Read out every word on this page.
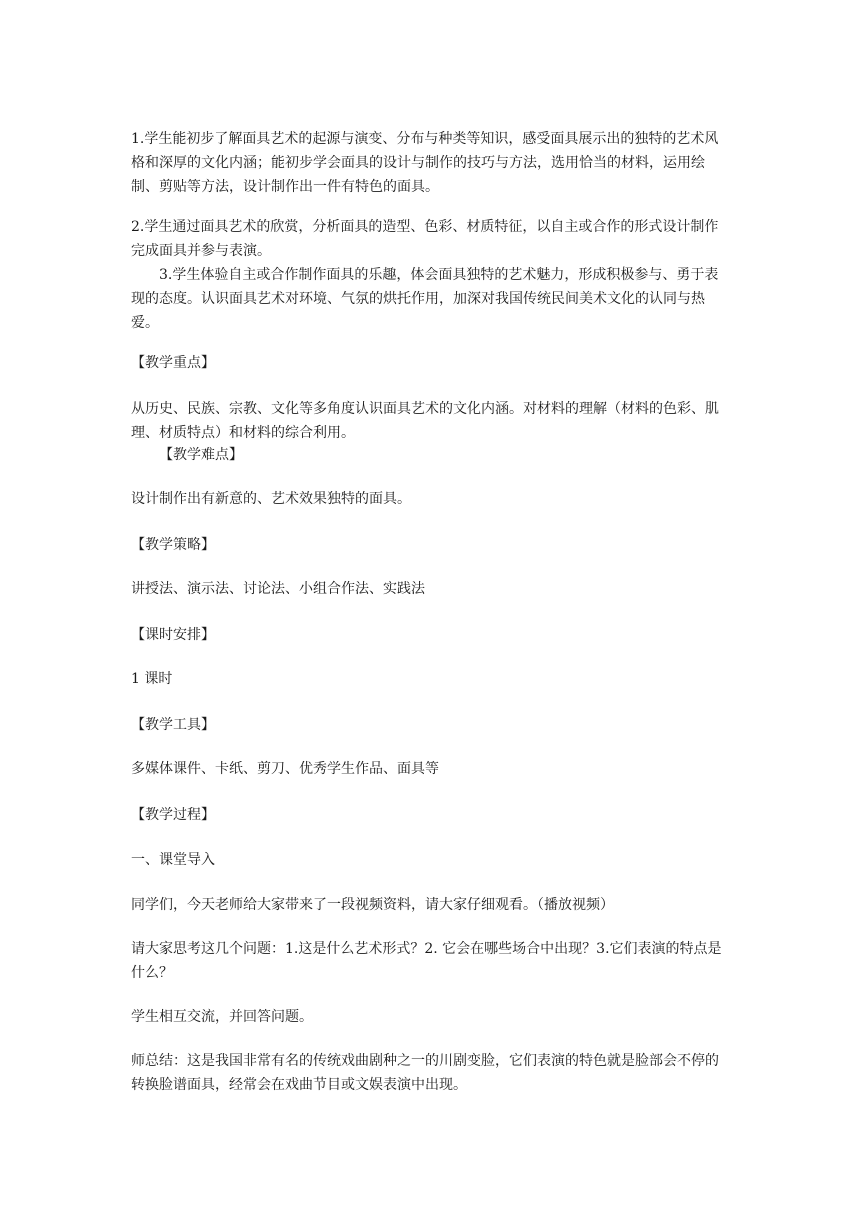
1.学生能初步了解面具艺术的起源与演变、分布与种类等知识，感受面具展示出的独特的艺术风格和深厚的文化内涵；能初步学会面具的设计与制作的技巧与方法，选用恰当的材料，运用绘制、剪贴等方法，设计制作出一件有特色的面具。

2.学生通过面具艺术的欣赏，分析面具的造型、色彩、材质特征，以自主或合作的形式设计制作完成面具并参与表演。

3.学生体验自主或合作制作面具的乐趣，体会面具独特的艺术魅力，形成积极参与、勇于表现的态度。认识面具艺术对环境、气氛的烘托作用，加深对我国传统民间美术文化的认同与热爱。

【教学重点】

从历史、民族、宗教、文化等多角度认识面具艺术的文化内涵。对材料的理解（材料的色彩、肌理、材质特点）和材料的综合利用。

【教学难点】

设计制作出有新意的、艺术效果独特的面具。

【教学策略】

讲授法、演示法、讨论法、小组合作法、实践法

【课时安排】

1 课时

【教学工具】

多媒体课件、卡纸、剪刀、优秀学生作品、面具等

【教学过程】

一、课堂导入

同学们，今天老师给大家带来了一段视频资料，请大家仔细观看。（播放视频）

请大家思考这几个问题：1.这是什么艺术形式？2. 它会在哪些场合中出现？3.它们表演的特点是什么？

学生相互交流，并回答问题。

师总结：这是我国非常有名的传统戏曲剧种之一的川剧变脸，它们表演的特色就是脸部会不停的转换脸谱面具，经常会在戏曲节目或文娱表演中出现。
